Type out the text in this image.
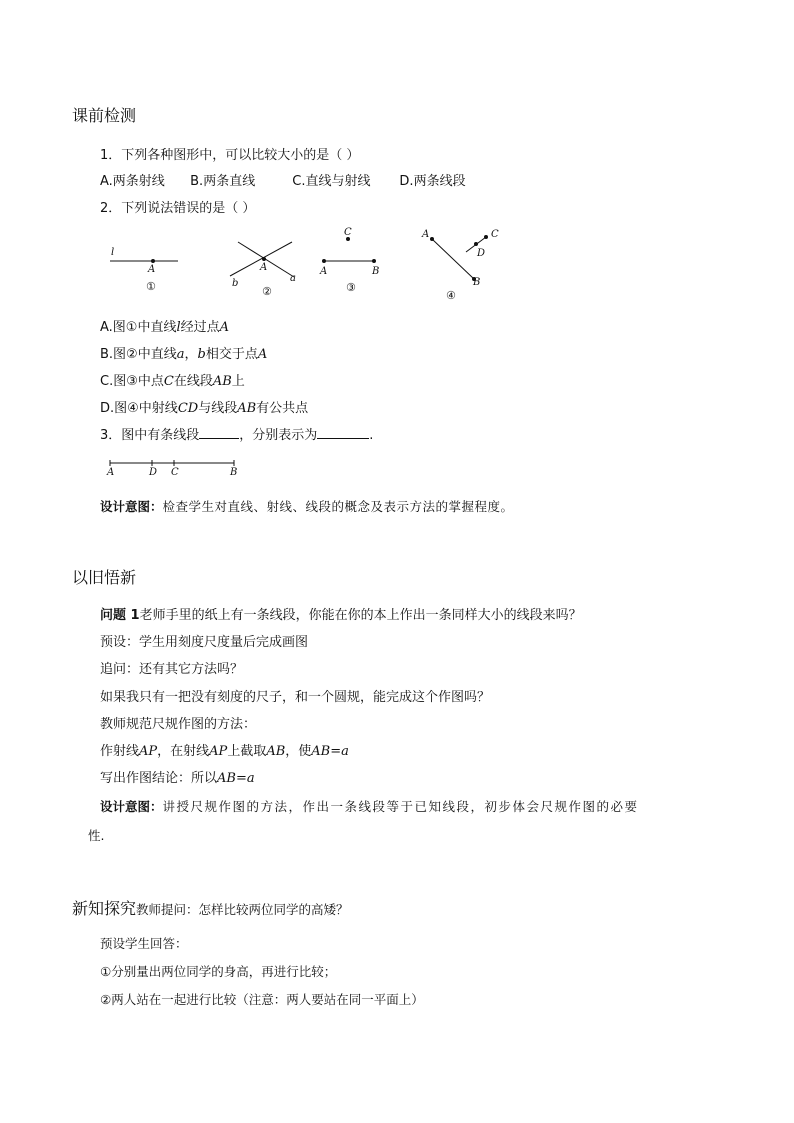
课前检测
1．下列各种图形中，可以比较大小的是（ ）
A.两条射线 B.两条直线	C.直线与射线 D.两条线段
2．下列说法错误的是（ ）
l
A
①
A
b	a
②
C
A	B
③
A	C
D
B
④
A.图①中直线l经过点A
B.图②中直线a，b相交于点A
C.图③中点C在线段AB上
D.图④中射线CD与线段AB有公共点
3．图中有条线段	，分别表示为	.
A	D C	B
设计意图：检查学生对直线、射线、线段的概念及表示方法的掌握程度。
以旧悟新
问题 1老师手里的纸上有一条线段，你能在你的本上作出一条同样大小的线段来吗？
预设：学生用刻度尺度量后完成画图
追问：还有其它方法吗？
如果我只有一把没有刻度的尺子，和一个圆规，能完成这个作图吗？
教师规范尺规作图的方法：
作射线AP，在射线AP上截取AB，使AB=a
写出作图结论：所以AB=a
设计意图：讲授尺规作图的方法，作出一条线段等于已知线段，初步体会尺规作图的必要
性.
新知探究教师提问：怎样比较两位同学的高矮？
预设学生回答：
①分别量出两位同学的身高，再进行比较；
②两人站在一起进行比较（注意：两人要站在同一平面上）
